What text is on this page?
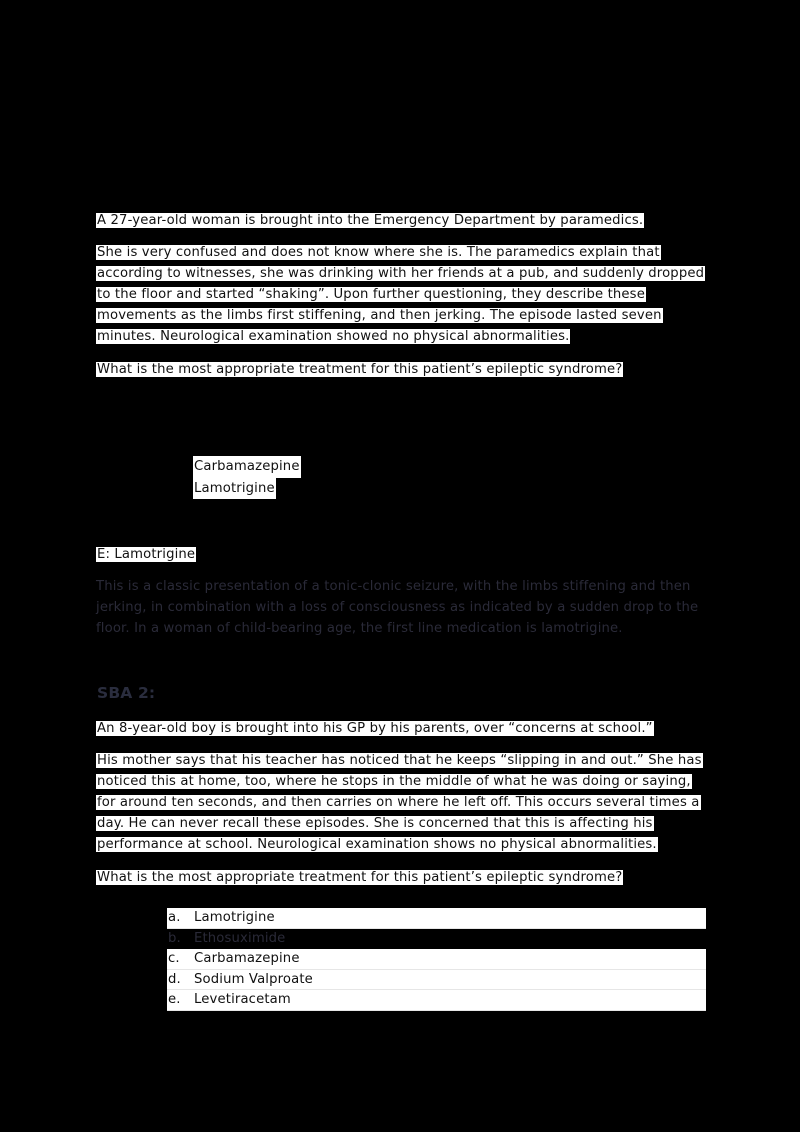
A 27-year-old woman is brought into the Emergency Department by paramedics.

She is very confused and does not know where she is. The paramedics explain that
according to witnesses, she was drinking with her friends at a pub, and suddenly dropped
to the floor and started “shaking”. Upon further questioning, they describe these
movements as the limbs first stiffening, and then jerking. The episode lasted seven
minutes. Neurological examination showed no physical abnormalities.

What is the most appropriate treatment for this patient’s epileptic syndrome?

Carbamazepine
Lamotrigine

E: Lamotrigine

This is a classic presentation of a tonic-clonic seizure, with the limbs stiffening and then
jerking, in combination with a loss of consciousness as indicated by a sudden drop to the
floor. In a woman of child-bearing age, the first line medication is lamotrigine.

SBA 2:

An 8-year-old boy is brought into his GP by his parents, over “concerns at school.”

His mother says that his teacher has noticed that he keeps “slipping in and out.” She has
noticed this at home, too, where he stops in the middle of what he was doing or saying,
for around ten seconds, and then carries on where he left off. This occurs several times a
day. He can never recall these episodes. She is concerned that this is affecting his
performance at school. Neurological examination shows no physical abnormalities.

What is the most appropriate treatment for this patient’s epileptic syndrome?

a.	Lamotrigine
b. Ethosuximide
c.	Carbamazepine
d. Sodium Valproate
e.	Levetiracetam
